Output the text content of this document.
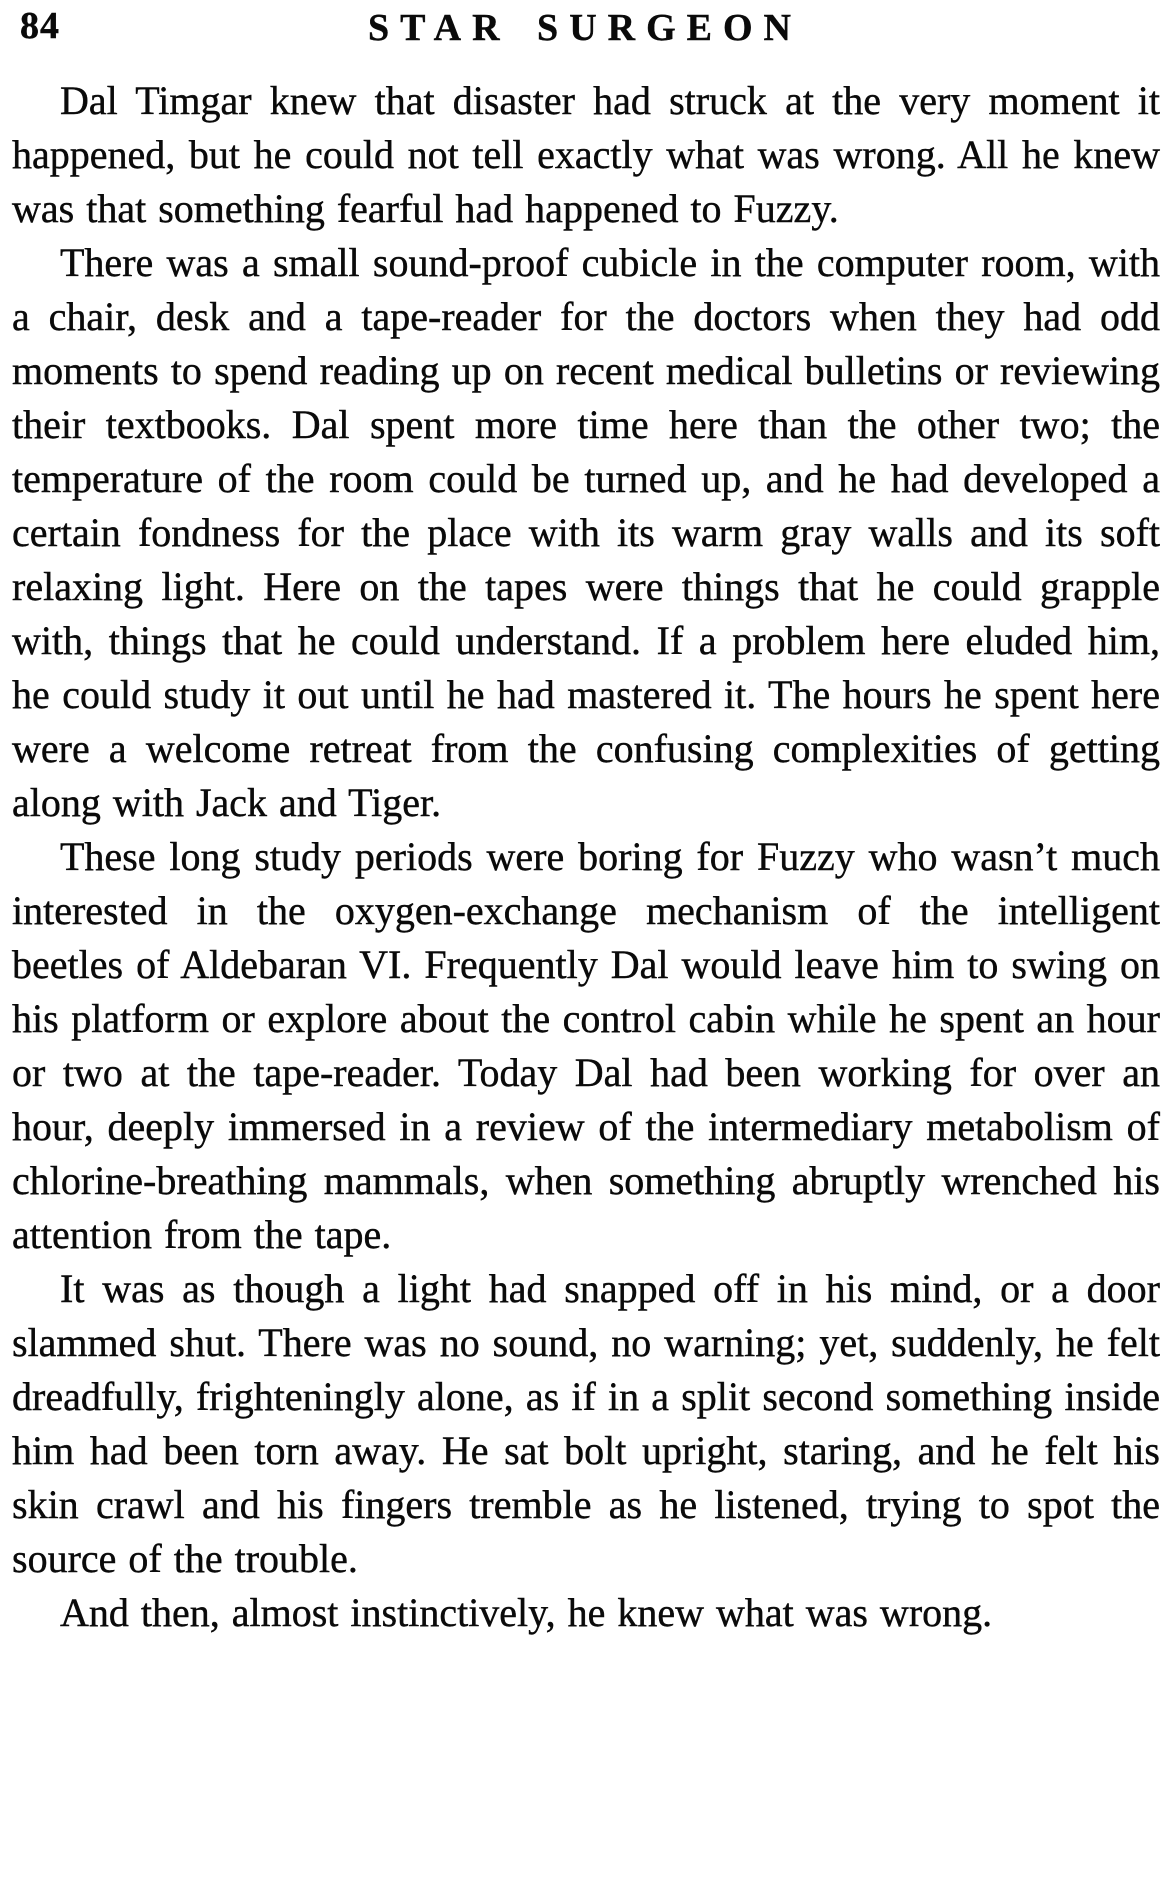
84	STAR SURGEON

Dal Timgar knew that disaster had struck at the very moment it happened, but he could not tell exactly what was wrong. All he knew was that something fearful had happened to Fuzzy.

There was a small sound-proof cubicle in the computer room, with a chair, desk and a tape-reader for the doctors when they had odd moments to spend reading up on recent medical bulletins or reviewing their textbooks. Dal spent more time here than the other two; the temperature of the room could be turned up, and he had developed a certain fondness for the place with its warm gray walls and its soft relaxing light. Here on the tapes were things that he could grapple with, things that he could understand. If a problem here eluded him, he could study it out until he had mastered it. The hours he spent here were a welcome retreat from the confusing complexities of getting along with Jack and Tiger.

These long study periods were boring for Fuzzy who wasn’t much interested in the oxygen-exchange mechanism of the intelligent beetles of Aldebaran VI. Frequently Dal would leave him to swing on his platform or explore about the control cabin while he spent an hour or two at the tape-reader. Today Dal had been working for over an hour, deeply immersed in a review of the intermediary metabolism of chlorine-breathing mammals, when something abruptly wrenched his attention from the tape.

It was as though a light had snapped off in his mind, or a door slammed shut. There was no sound, no warning; yet, suddenly, he felt dreadfully, frighteningly alone, as if in a split second something inside him had been torn away. He sat bolt upright, staring, and he felt his skin crawl and his fingers tremble as he listened, trying to spot the source of the trouble.

And then, almost instinctively, he knew what was wrong.
